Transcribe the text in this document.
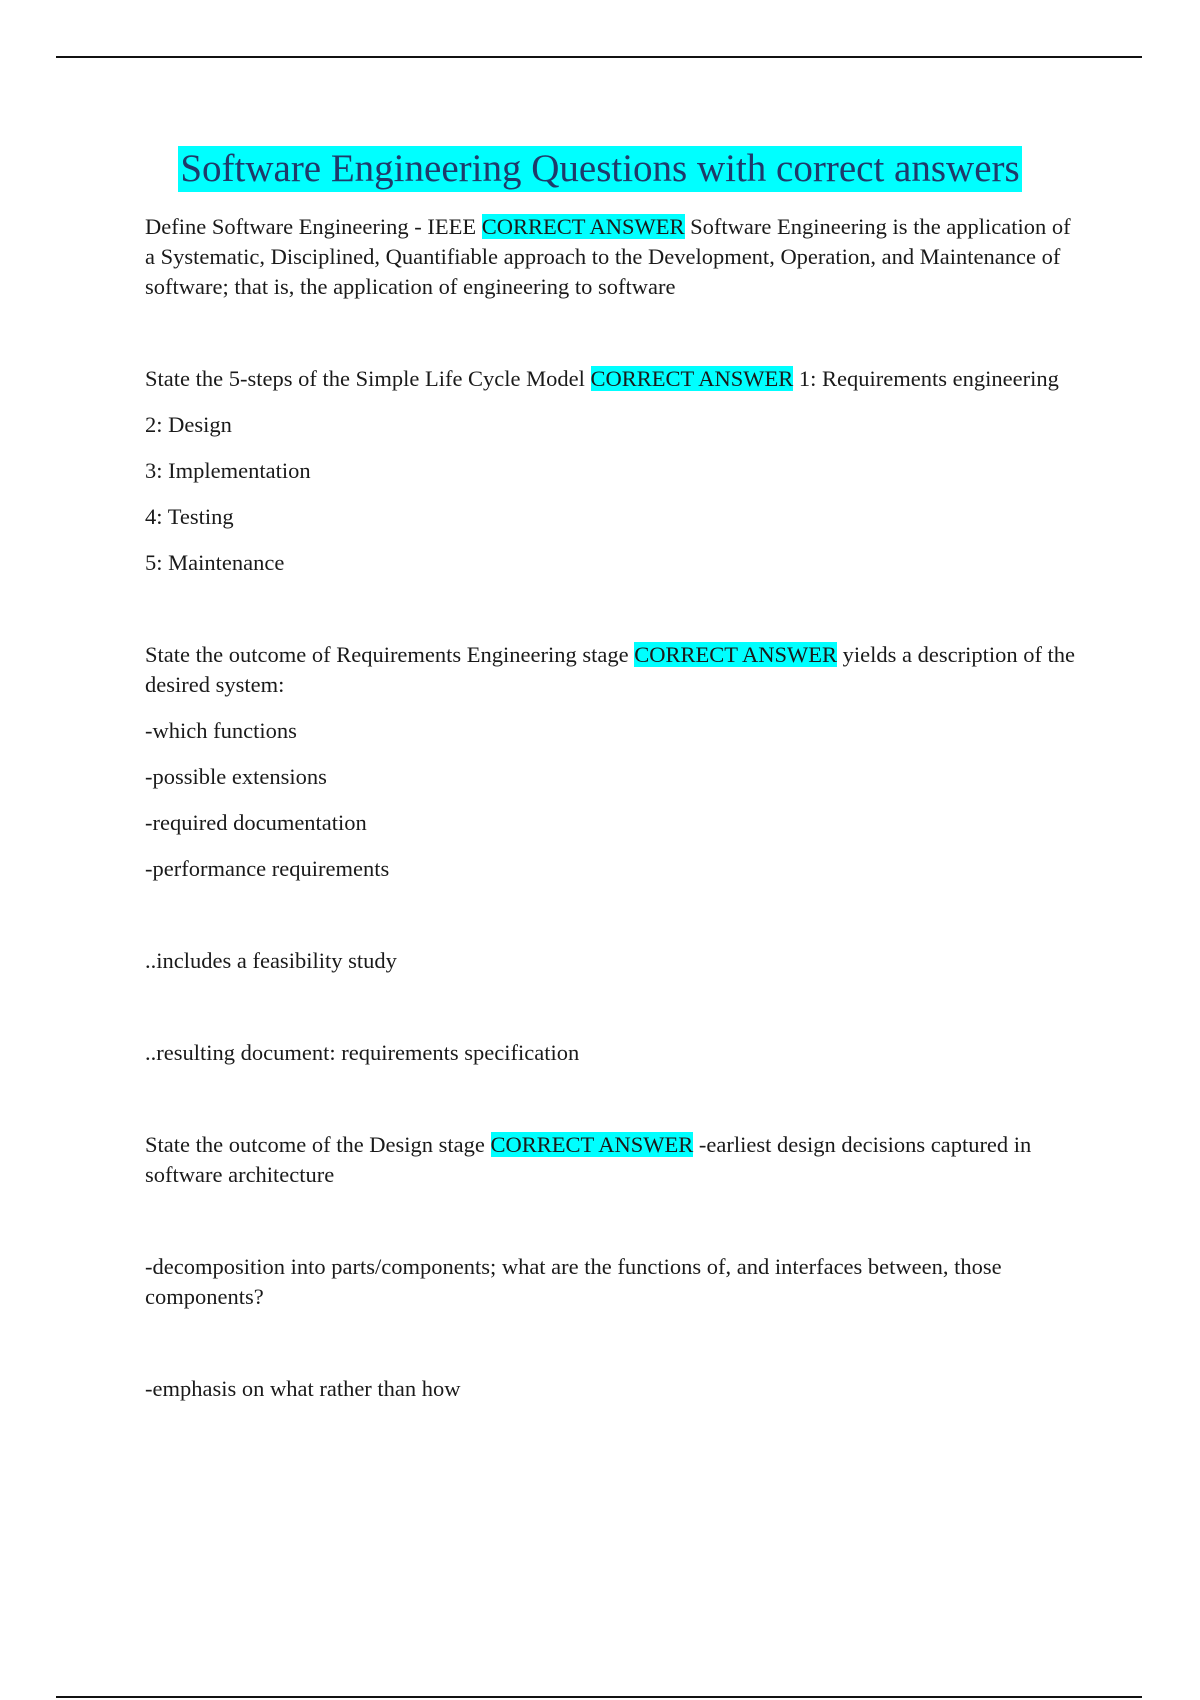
Software Engineering Questions with correct answers

Define Software Engineering - IEEE CORRECT ANSWER Software Engineering is the application of a Systematic, Disciplined, Quantifiable approach to the Development, Operation, and Maintenance of software; that is, the application of engineering to software

State the 5-steps of the Simple Life Cycle Model CORRECT ANSWER 1: Requirements engineering

2: Design

3: Implementation

4: Testing

5: Maintenance

State the outcome of Requirements Engineering stage CORRECT ANSWER yields a description of the desired system:

-which functions

-possible extensions

-required documentation

-performance requirements

..includes a feasibility study

..resulting document: requirements specification

State the outcome of the Design stage CORRECT ANSWER -earliest design decisions captured in software architecture

-decomposition into parts/components; what are the functions of, and interfaces between, those components?

-emphasis on what rather than how
